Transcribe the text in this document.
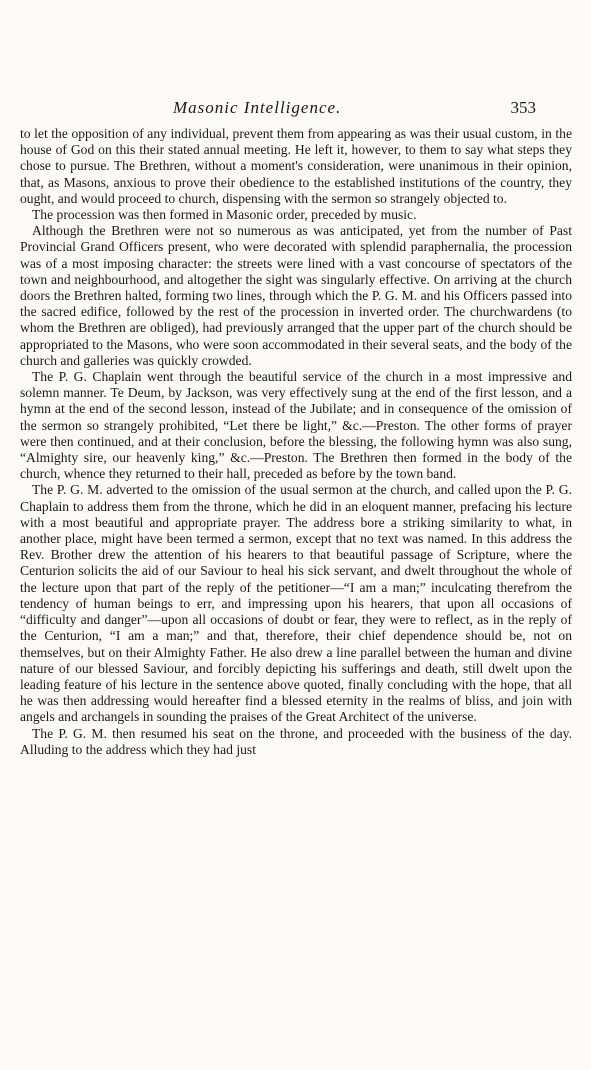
Masonic Intelligence.	353

to let the opposition of any individual, prevent them from appearing as was their usual custom, in the house of God on this their stated annual meeting. He left it, however, to them to say what steps they chose to pursue. The Brethren, without a moment's consideration, were unanimous in their opinion, that, as Masons, anxious to prove their obedience to the established institutions of the country, they ought, and would proceed to church, dispensing with the sermon so strangely objected to.

The procession was then formed in Masonic order, preceded by music.

Although the Brethren were not so numerous as was anticipated, yet from the number of Past Provincial Grand Officers present, who were decorated with splendid paraphernalia, the procession was of a most imposing character: the streets were lined with a vast concourse of spectators of the town and neighbourhood, and altogether the sight was singularly effective. On arriving at the church doors the Brethren halted, forming two lines, through which the P. G. M. and his Officers passed into the sacred edifice, followed by the rest of the procession in inverted order. The churchwardens (to whom the Brethren are obliged), had previously arranged that the upper part of the church should be appropriated to the Masons, who were soon accommodated in their several seats, and the body of the church and galleries was quickly crowded.

The P. G. Chaplain went through the beautiful service of the church in a most impressive and solemn manner. Te Deum, by Jackson, was very effectively sung at the end of the first lesson, and a hymn at the end of the second lesson, instead of the Jubilate; and in consequence of the omission of the sermon so strangely prohibited, “Let there be light,” &c.—Preston. The other forms of prayer were then continued, and at their conclusion, before the blessing, the following hymn was also sung, “Almighty sire, our heavenly king,” &c.—Preston. The Brethren then formed in the body of the church, whence they returned to their hall, preceded as before by the town band.

The P. G. M. adverted to the omission of the usual sermon at the church, and called upon the P. G. Chaplain to address them from the throne, which he did in an eloquent manner, prefacing his lecture with a most beautiful and appropriate prayer. The address bore a striking similarity to what, in another place, might have been termed a sermon, except that no text was named. In this address the Rev. Brother drew the attention of his hearers to that beautiful passage of Scripture, where the Centurion solicits the aid of our Saviour to heal his sick servant, and dwelt throughout the whole of the lecture upon that part of the reply of the petitioner—“I am a man;” inculcating therefrom the tendency of human beings to err, and impressing upon his hearers, that upon all occasions of “difficulty and danger”—upon all occasions of doubt or fear, they were to reflect, as in the reply of the Centurion, “I am a man;” and that, therefore, their chief dependence should be, not on themselves, but on their Almighty Father. He also drew a line parallel between the human and divine nature of our blessed Saviour, and forcibly depicting his sufferings and death, still dwelt upon the leading feature of his lecture in the sentence above quoted, finally concluding with the hope, that all he was then addressing would hereafter find a blessed eternity in the realms of bliss, and join with angels and archangels in sounding the praises of the Great Architect of the universe.

The P. G. M. then resumed his seat on the throne, and proceeded with the business of the day. Alluding to the address which they had just
